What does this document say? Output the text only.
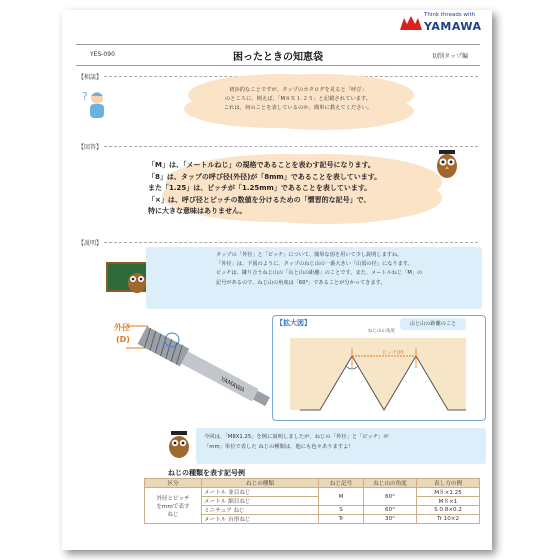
Think threads with
YAMAWA
YES-090	困ったときの知恵袋	切削タップ編
【相談】
?	初歩的なことですが、タップのカタログを見ると「呼び」
のところに、例えば、「M８Ｘ１.２５」と記載されています。
これは、何のことを表しているのか、簡単に教えてください。
【回答】
「M」は、「メートルねじ」の規格であることを表わす記号になります。
「8」は、タップの呼び径(外径)が「8mm」であることを表しています。
また「1.25」は、ピッチが「1.25mm」であることを表しています。
「×」は、呼び径とピッチの数値を分けるための「慣習的な記号」で、
特に大きな意味はありません。
【説明】
タップの「外径」と「ピッチ」について、簡単な図を用いて少し説明しますね。
「外径」は、下図のように、タップのねじ山の一番大きい「山頂の径」になります。
ピッチは、隣り合うねじ山の「山と山の距離」のことです。また、メートルねじ「M」の
記号があるので、ねじ山の角度は「60°」であることが分かってきます。
外径
(D)
YAMAWA
【拡大図】	山と山の距離のこと
ねじ山の角度
ピッチ(P)
今回は、「M8X1.25」を例に説明しましたが、ねじの「外径」と「ピッチ」が
「mm」単位で表した ねじの種類は、他にも色々ありますよ！
ねじの種類を表す記号例
区分	ねじの種類	ねじ記号	ねじ山の角度	表し方の例

外径とピッチ
をmmで表す
ねじ	メートル 並目ねじ	M	60°	M８×1.25
	メートル 細目ねじ			M８×1
	ミニチュア ねじ	S	60°	S 0.8×0.2
	メートル 台形ねじ	Tr	30°	Tr 10×2
